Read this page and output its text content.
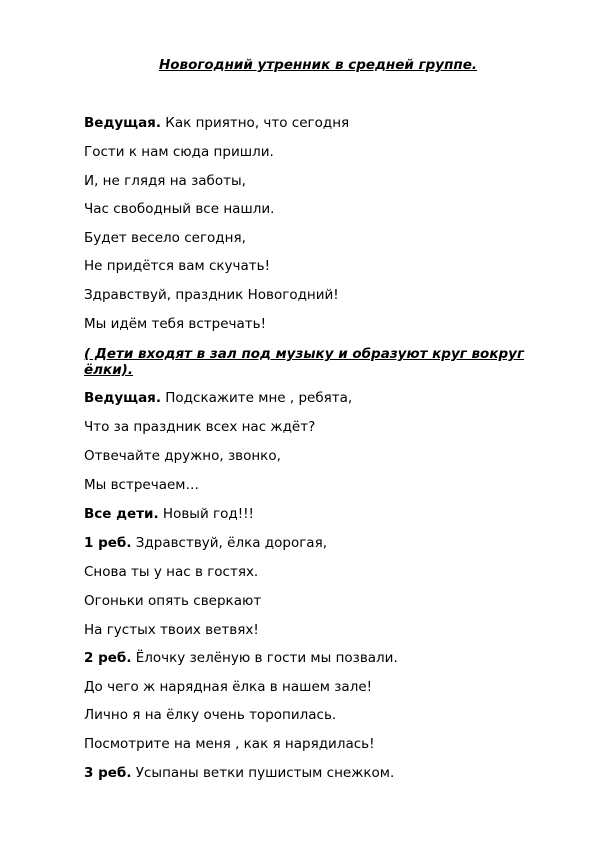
Новогодний утренник в средней группе.
Ведущая. Как приятно, что сегодня
Гости к нам сюда пришли.
И, не глядя на заботы,
Час свободный все нашли.
Будет весело сегодня,
Не придётся вам скучать!
Здравствуй, праздник Новогодний!
Мы идём тебя встречать!
( Дети входят в зал под музыку и образуют круг вокруг ёлки).
Ведущая. Подскажите мне , ребята,
Что за праздник всех нас ждёт?
Отвечайте дружно, звонко,
Мы встречаем…
Все дети. Новый год!!!
1 реб. Здравствуй, ёлка дорогая,
Снова ты у нас в гостях.
Огоньки опять сверкают
На густых твоих ветвях!
2 реб. Ёлочку зелёную в гости мы позвали.
До чего ж нарядная ёлка в нашем зале!
Лично я на ёлку очень торопилась.
Посмотрите на меня , как я нарядилась!
3 реб. Усыпаны ветки пушистым снежком.
